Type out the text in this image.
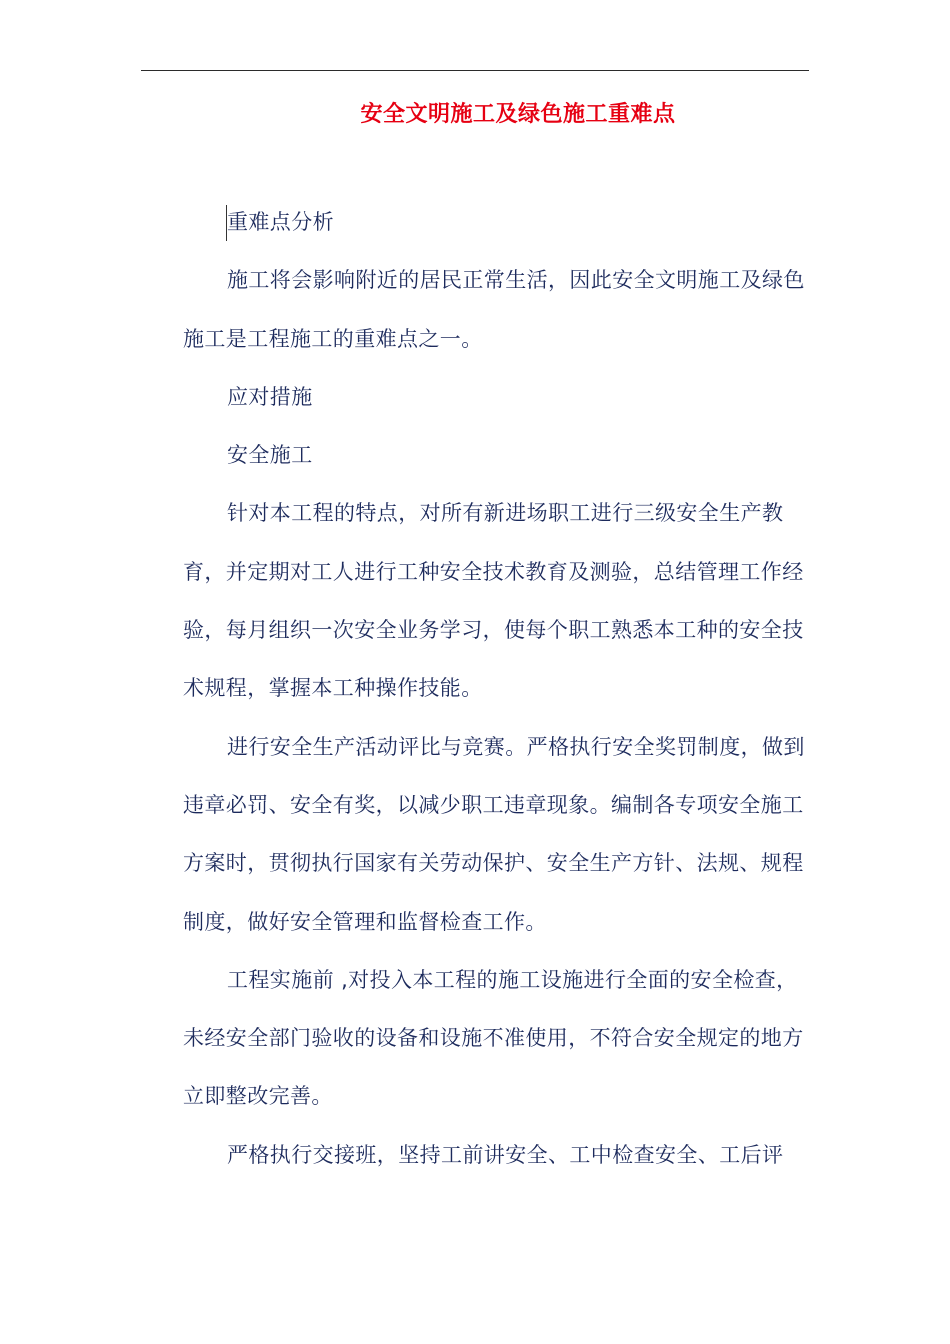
安全文明施工及绿色施工重难点

重难点分析

施工将会影响附近的居民正常生活，因此安全文明施工及绿色施工是工程施工的重难点之一。

应对措施

安全施工

针对本工程的特点，对所有新进场职工进行三级安全生产教育，并定期对工人进行工种安全技术教育及测验，总结管理工作经验，每月组织一次安全业务学习，使每个职工熟悉本工种的安全技术规程，掌握本工种操作技能。

进行安全生产活动评比与竞赛。严格执行安全奖罚制度，做到违章必罚、安全有奖，以减少职工违章现象。编制各专项安全施工方案时，贯彻执行国家有关劳动保护、安全生产方针、法规、规程制度，做好安全管理和监督检查工作。

工程实施前 ,对投入本工程的施工设施进行全面的安全检查，未经安全部门验收的设备和设施不准使用，不符合安全规定的地方立即整改完善。

严格执行交接班，坚持工前讲安全、工中检查安全、工后评
